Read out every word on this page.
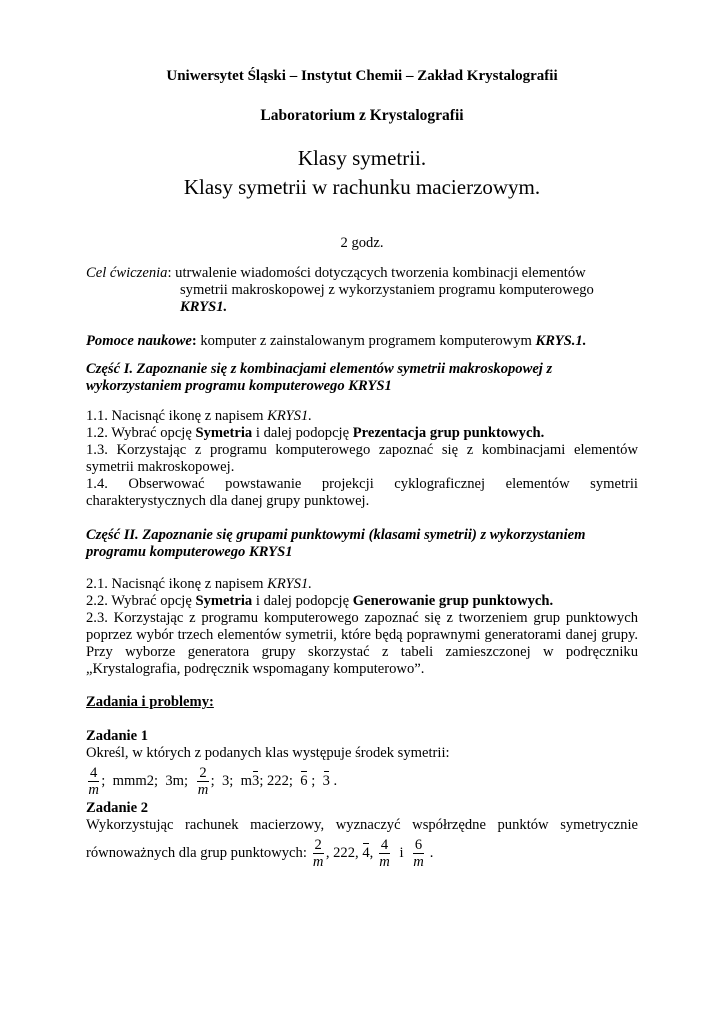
Uniwersytet Śląski – Instytut Chemii – Zakład Krystalografii
Laboratorium z Krystalografii
Klasy symetrii.
Klasy symetrii w rachunku macierzowym.
2 godz.
Cel ćwiczenia: utrwalenie wiadomości dotyczących tworzenia kombinacji elementów
symetrii makroskopowej z wykorzystaniem programu komputerowego
KRYS1.
Pomoce naukowe: komputer z zainstalowanym programem komputerowym KRYS.1.
Część I. Zapoznanie się z kombinacjami elementów symetrii makroskopowej z wykorzystaniem programu komputerowego KRYS1
1.1. Nacisnąć ikonę z napisem KRYS1.
1.2. Wybrać opcję Symetria i dalej podopcję Prezentacja grup punktowych.
1.3. Korzystając z programu komputerowego zapoznać się z kombinacjami elementów symetrii makroskopowej.
1.4. Obserwować powstawanie projekcji cyklograficznej elementów symetrii charakterystycznych dla danej grupy punktowej.
Część II. Zapoznanie się grupami punktowymi (klasami symetrii) z wykorzystaniem programu komputerowego KRYS1
2.1. Nacisnąć ikonę z napisem KRYS1.
2.2. Wybrać opcję Symetria i dalej podopcję Generowanie grup punktowych.
2.3. Korzystając z programu komputerowego zapoznać się z tworzeniem grup punktowych poprzez wybór trzech elementów symetrii, które będą poprawnymi generatorami danej grupy. Przy wyborze generatora grupy skorzystać z tabeli zamieszczonej w podręczniku „Krystalografia, podręcznik wspomagany komputerowo”.
Zadania i problemy:
Zadanie 1
Określ, w których z podanych klas występuje środek symetrii:
$\frac{4}{m}$ ; mmm2; 3m; $\frac{2}{m}$ ;  3;  m 3 ; 222; 6 ; 3 .
Zadanie 2
Wykorzystując rachunek macierzowy, wyznaczyć współrzędne punktów symetrycznie
równoważnych dla grup punktowych: $\frac{2}{m}$ , 222, 4 , $\frac{4}{m}$ i $\frac{6}{m}$ .
